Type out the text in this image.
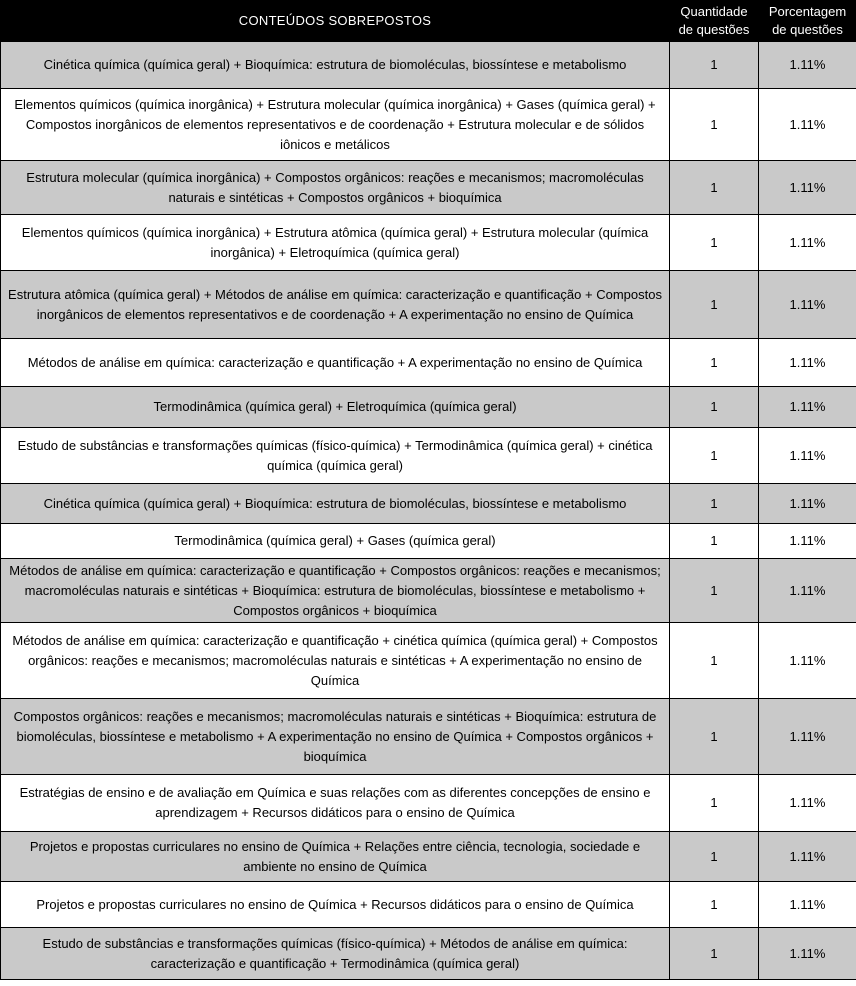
CONTEÚDOS SOBREPOSTOS	Quantidade de questões	Porcentagem de questões
Cinética química (química geral) + Bioquímica: estrutura de biomoléculas, biossíntese e metabolismo	1	1.11%
Elementos químicos (química inorgânica) + Estrutura molecular (química inorgânica) + Gases (química geral) + Compostos inorgânicos de elementos representativos e de coordenação + Estrutura molecular e de sólidos iônicos e metálicos	1	1.11%
Estrutura molecular (química inorgânica) + Compostos orgânicos: reações e mecanismos; macromoléculas naturais e sintéticas + Compostos orgânicos + bioquímica	1	1.11%
Elementos químicos (química inorgânica) + Estrutura atômica (química geral) + Estrutura molecular (química inorgânica) + Eletroquímica (química geral)	1	1.11%
Estrutura atômica (química geral) + Métodos de análise em química: caracterização e quantificação + Compostos inorgânicos de elementos representativos e de coordenação + A experimentação no ensino de Química	1	1.11%
Métodos de análise em química: caracterização e quantificação + A experimentação no ensino de Química	1	1.11%
Termodinâmica (química geral) + Eletroquímica (química geral)	1	1.11%
Estudo de substâncias e transformações químicas (físico-química) + Termodinâmica (química geral) + cinética química (química geral)	1	1.11%
Cinética química (química geral) + Bioquímica: estrutura de biomoléculas, biossíntese e metabolismo	1	1.11%
Termodinâmica (química geral) + Gases (química geral)	1	1.11%
Métodos de análise em química: caracterização e quantificação + Compostos orgânicos: reações e mecanismos; macromoléculas naturais e sintéticas + Bioquímica: estrutura de biomoléculas, biossíntese e metabolismo + Compostos orgânicos + bioquímica	1	1.11%
Métodos de análise em química: caracterização e quantificação + cinética química (química geral) + Compostos orgânicos: reações e mecanismos; macromoléculas naturais e sintéticas + A experimentação no ensino de Química	1	1.11%
Compostos orgânicos: reações e mecanismos; macromoléculas naturais e sintéticas + Bioquímica: estrutura de biomoléculas, biossíntese e metabolismo + A experimentação no ensino de Química + Compostos orgânicos + bioquímica	1	1.11%
Estratégias de ensino e de avaliação em Química e suas relações com as diferentes concepções de ensino e aprendizagem + Recursos didáticos para o ensino de Química	1	1.11%
Projetos e propostas curriculares no ensino de Química + Relações entre ciência, tecnologia, sociedade e ambiente no ensino de Química	1	1.11%
Projetos e propostas curriculares no ensino de Química + Recursos didáticos para o ensino de Química	1	1.11%
Estudo de substâncias e transformações químicas (físico-química) + Métodos de análise em química: caracterização e quantificação + Termodinâmica (química geral)	1	1.11%
